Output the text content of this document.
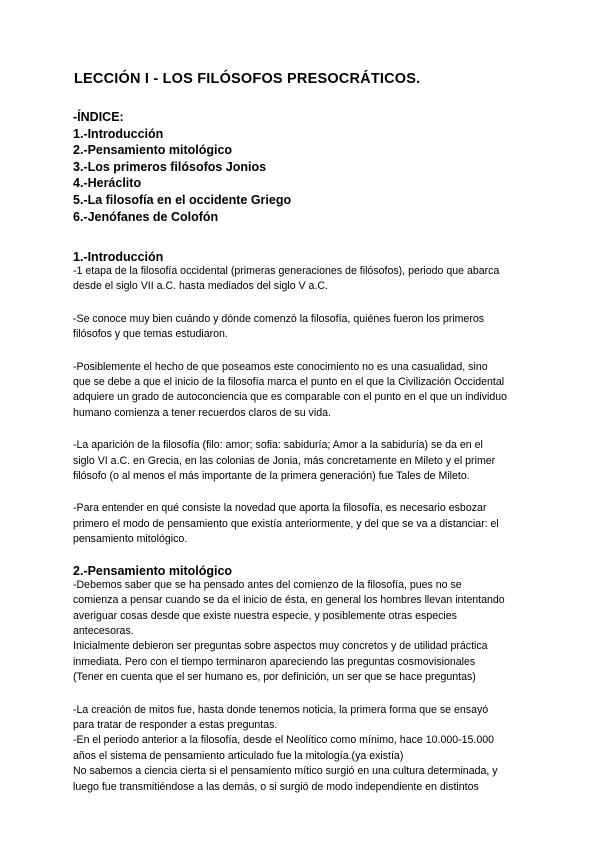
LECCIÓN I - LOS FILÓSOFOS PRESOCRÁTICOS.
-ÍNDICE:
1.-Introducción
2.-Pensamiento mitológico
3.-Los primeros filósofos Jonios
4.-Heráclito
5.-La filosofía en el occidente Griego
6.-Jenófanes de Colofón
1.-Introducción
-1 etapa de la filosofía occidental (primeras generaciones de filósofos), periodo que abarca
desde el siglo VII a.C. hasta mediados del siglo V a.C.
-Se conoce muy bien cuándo y dónde comenzó la filosofía, quiénes fueron los primeros
filósofos y que temas estudiaron.
-Posiblemente el hecho de que poseamos este conocimiento no es una casualidad, sino
que se debe a que el inicio de la filosofía marca el punto en el que la Civilización Occidental
adquiere un grado de autoconciencia que es comparable con el punto en el que un individuo
humano comienza a tener recuerdos claros de su vida.
-La aparición de la filosofía (filo: amor; sofia: sabiduría; Amor a la sabiduría) se da en el
siglo VI a.C. en Grecia, en las colonias de Jonia, más concretamente en Mileto y el primer
filósofo (o al menos el más importante de la primera generación) fue Tales de Mileto.
-Para entender en qué consiste la novedad que aporta la filosofía, es necesario esbozar
primero el modo de pensamiento que existía anteriormente, y del que se va a distanciar: el
pensamiento mitológico.
2.-Pensamiento mitológico
-Debemos saber que se ha pensado antes del comienzo de la filosofía, pues no se
comienza a pensar cuando se da el inicio de ésta, en general los hombres llevan intentando
averiguar cosas desde que existe nuestra especie, y posiblemente otras especies
antecesoras.
Inicialmente debieron ser preguntas sobre aspectos muy concretos y de utilidad práctica
inmediata. Pero con el tiempo terminaron apareciendo las preguntas cosmovisionales
(Tener en cuenta que el ser humano es, por definición, un ser que se hace preguntas)
-La creación de mitos fue, hasta donde tenemos noticia, la primera forma que se ensayó
para tratar de responder a estas preguntas.
-En el periodo anterior a la filosofía, desde el Neolítico como mínimo, hace 10.000-15.000
años el sistema de pensamiento articulado fue la mitología.(ya existía)
No sabemos a ciencia cierta si el pensamiento mítico surgió en una cultura determinada, y
luego fue transmitiéndose a las demás, o si surgió de modo independiente en distintos
